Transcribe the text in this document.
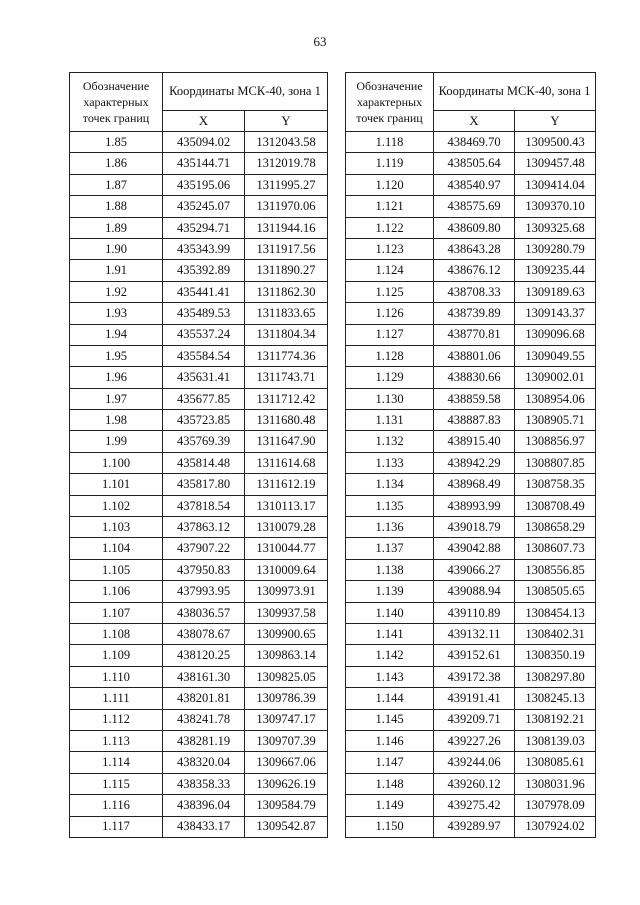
63
Обозначение характерных точек границ	Координаты МСК-40, зона 1	
	X	Y
1.85	435094.02	1312043.58
1.86	435144.71	1312019.78
1.87	435195.06	1311995.27
1.88	435245.07	1311970.06
1.89	435294.71	1311944.16
1.90	435343.99	1311917.56
1.91	435392.89	1311890.27
1.92	435441.41	1311862.30
1.93	435489.53	1311833.65
1.94	435537.24	1311804.34
1.95	435584.54	1311774.36
1.96	435631.41	1311743.71
1.97	435677.85	1311712.42
1.98	435723.85	1311680.48
1.99	435769.39	1311647.90
1.100	435814.48	1311614.68
1.101	435817.80	1311612.19
1.102	437818.54	1310113.17
1.103	437863.12	1310079.28
1.104	437907.22	1310044.77
1.105	437950.83	1310009.64
1.106	437993.95	1309973.91
1.107	438036.57	1309937.58
1.108	438078.67	1309900.65
1.109	438120.25	1309863.14
1.110	438161.30	1309825.05
1.111	438201.81	1309786.39
1.112	438241.78	1309747.17
1.113	438281.19	1309707.39
1.114	438320.04	1309667.06
1.115	438358.33	1309626.19
1.116	438396.04	1309584.79
1.117	438433.17	1309542.87
Обозначение характерных точек границ	Координаты МСК-40, зона 1	
	X	Y
1.118	438469.70	1309500.43
1.119	438505.64	1309457.48
1.120	438540.97	1309414.04
1.121	438575.69	1309370.10
1.122	438609.80	1309325.68
1.123	438643.28	1309280.79
1.124	438676.12	1309235.44
1.125	438708.33	1309189.63
1.126	438739.89	1309143.37
1.127	438770.81	1309096.68
1.128	438801.06	1309049.55
1.129	438830.66	1309002.01
1.130	438859.58	1308954.06
1.131	438887.83	1308905.71
1.132	438915.40	1308856.97
1.133	438942.29	1308807.85
1.134	438968.49	1308758.35
1.135	438993.99	1308708.49
1.136	439018.79	1308658.29
1.137	439042.88	1308607.73
1.138	439066.27	1308556.85
1.139	439088.94	1308505.65
1.140	439110.89	1308454.13
1.141	439132.11	1308402.31
1.142	439152.61	1308350.19
1.143	439172.38	1308297.80
1.144	439191.41	1308245.13
1.145	439209.71	1308192.21
1.146	439227.26	1308139.03
1.147	439244.06	1308085.61
1.148	439260.12	1308031.96
1.149	439275.42	1307978.09
1.150	439289.97	1307924.02
